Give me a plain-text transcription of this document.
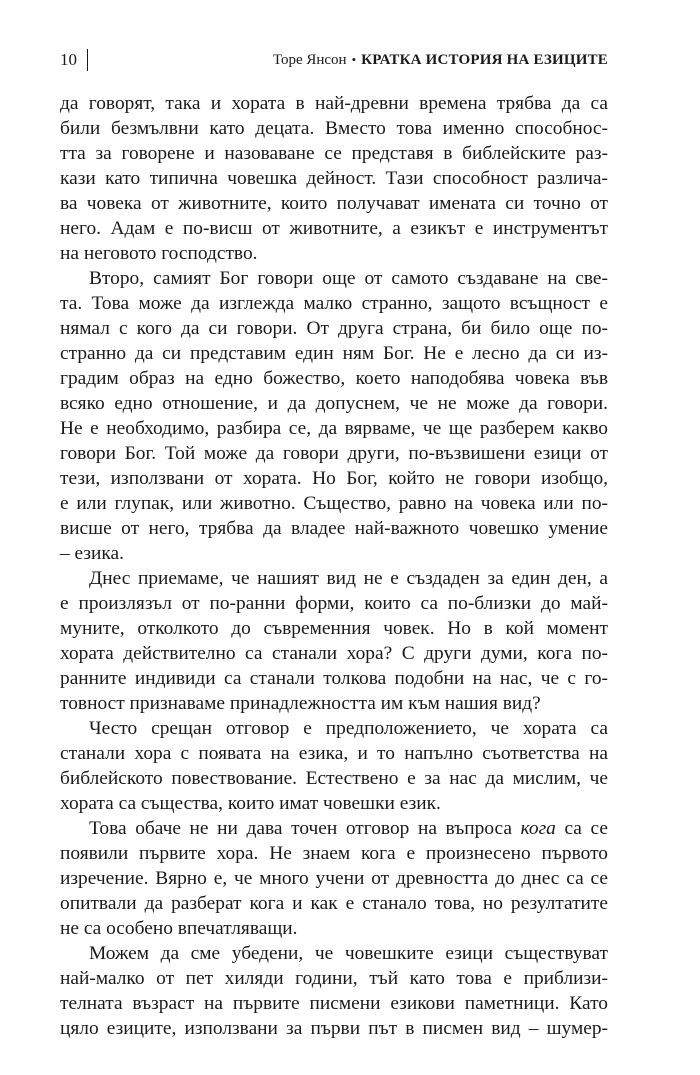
10	Торе Янсон • КРАТКА ИСТОРИЯ НА ЕЗИЦИТЕ
да говорят, така и хората в най-древни времена трябва да са
били безмълвни като децата. Вместо това именно способнос-
тта за говорене и назоваване се представя в библейските раз-
кази като типична човешка дейност. Тази способност различа-
ва човека от животните, които получават имената си точно от
него. Адам е по-висш от животните, а езикът е инструментът
на неговото господство.
Второ, самият Бог говори още от самото създаване на све-
та. Това може да изглежда малко странно, защото всъщност е
нямал с кого да си говори. От друга страна, би било още по-
странно да си представим един ням Бог. Не е лесно да си из-
градим образ на едно божество, което наподобява човека във
всяко едно отношение, и да допуснем, че не може да говори.
Не е необходимо, разбира се, да вярваме, че ще разберем какво
говори Бог. Той може да говори други, по-възвишени езици от
тези, използвани от хората. Но Бог, който не говори изобщо,
е или глупак, или животно. Същество, равно на човека или по-
висше от него, трябва да владее най-важното човешко умение
– езика.
Днес приемаме, че нашият вид не е създаден за един ден, а
е произлязъл от по-ранни форми, които са по-близки до май-
муните, отколкото до съвременния човек. Но в кой момент
хората действително са станали хора? С други думи, кога по-
ранните индивиди са станали толкова подобни на нас, че с го-
товност признаваме принадлежността им към нашия вид?
Често срещан отговор е предположението, че хората са
станали хора с появата на езика, и то напълно съответства на
библейското повествование. Естествено е за нас да мислим, че
хората са същества, които имат човешки език.
Това обаче не ни дава точен отговор на въпроса кога са се
появили първите хора. Не знаем кога е произнесено първото
изречение. Вярно е, че много учени от древността до днес са се
опитвали да разберат кога и как е станало това, но резултатите
не са особено впечатляващи.
Можем да сме убедени, че човешките езици съществуват
най-малко от пет хиляди години, тъй като това е приблизи-
телната възраст на първите писмени езикови паметници. Като
цяло езиците, използвани за първи път в писмен вид – шумер-
